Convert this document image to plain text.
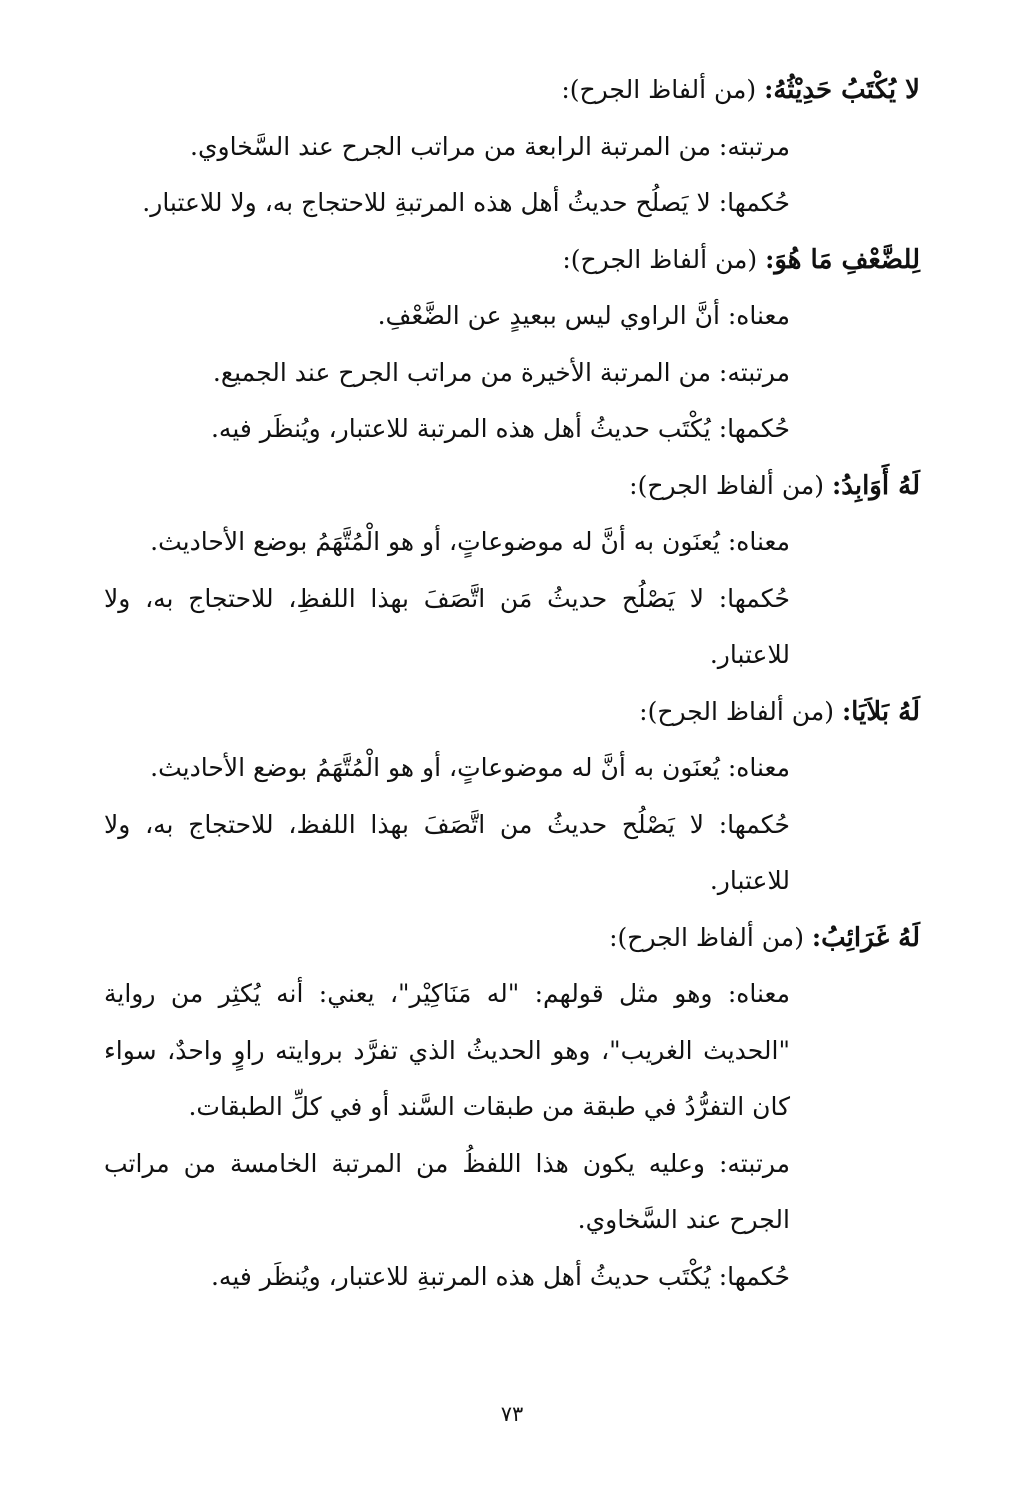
لا يُكْتَبُ حَدِيْثُهُ: (من ألفاظ الجرح):

مرتبته : من المرتبة الرابعة من مراتب الجرح عند السَّخاوي.

حُكمها : لا يَصلُح حديثُ أهل هذه المرتبةِ للاحتجاج به، ولا للاعتبار.

لِلضَّعْفِ مَا هُوَ: (من ألفاظ الجرح):

معناه : أنَّ الراوي ليس ببعيدٍ عن الضَّعْفِ.

مرتبته : من المرتبة الأخيرة من مراتب الجرح عند الجميع.

حُكمها : يُكْتَب حديثُ أهل هذه المرتبة للاعتبار، ويُنظَر فيه.

لَهُ أَوَابِدُ: (من ألفاظ الجرح):

معناه : يُعنَون به أنَّ له موضوعاتٍ، أو هو الْمُتَّهَمُ بوضع الأحاديث.

حُكمها : لا يَصْلُح حديثُ مَن اتَّصَفَ بهذا اللفظِ، للاحتجاج به، ولا للاعتبار.

لَهُ بَلاَيَا: (من ألفاظ الجرح):

معناه : يُعنَون به أنَّ له موضوعاتٍ، أو هو الْمُتَّهَمُ بوضع الأحاديث.

حُكمها : لا يَصْلُح حديثُ من اتَّصَفَ بهذا اللفظ، للاحتجاج به، ولا للاعتبار.

لَهُ غَرَائِبُ: (من ألفاظ الجرح):

معناه : وهو مثل قولهم: "له مَنَاكِيْر"، يعني: أنه يُكثِر من رواية "الحديث الغريب"، وهو الحديثُ الذي تفرَّد بروايته راوٍ واحدٌ، سواء كان التفرُّدُ في طبقة من طبقات السَّند أو في كلِّ الطبقات.

مرتبته : وعليه يكون هذا اللفظُ من المرتبة الخامسة من مراتب الجرح عند السَّخاوي.

حُكمها : يُكْتَب حديثُ أهل هذه المرتبةِ للاعتبار، ويُنظَر فيه.

٧٣
